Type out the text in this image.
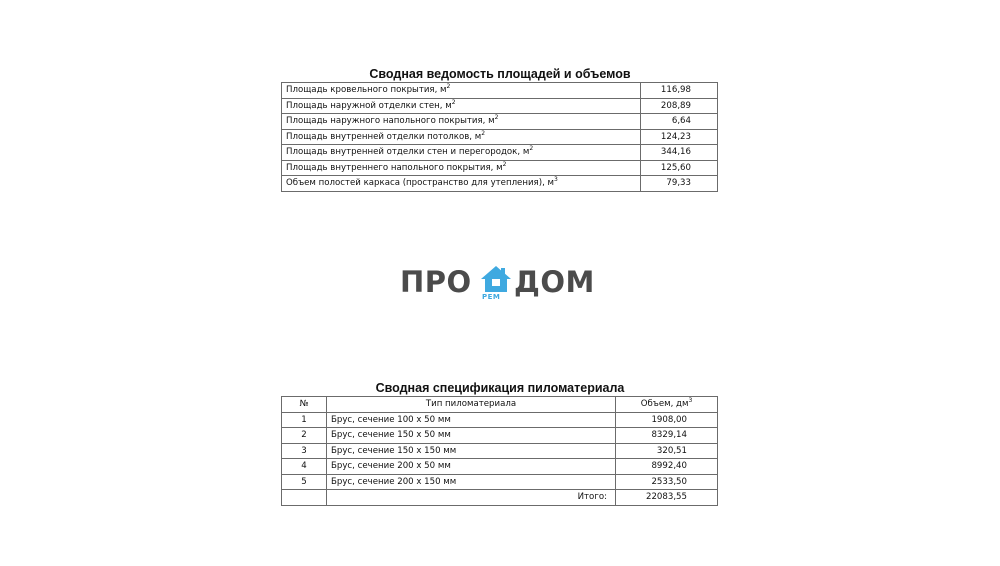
Сводная ведомость площадей и объемов
Площадь кровельного покрытия, $м^2$	116,98
Площадь наружной отделки стен, $м^2$	208,89
Площадь наружного напольного покрытия, $м^2$	6,64
Площадь внутренней отделки потолков, $м^2$	124,23
Площадь внутренней отделки стен и перегородок, $м^2$	344,16
Площадь внутреннего напольного покрытия, $м^2$	125,60
Объем полостей каркаса (пространство для утепления), $м^3$	79,33
ПРО РЕМ ДОМ
Сводная спецификация пиломатериала
№	Тип пиломатериала	Объем, $дм^3$
1	Брус, сечение 100 х 50 мм	1908,00
2	Брус, сечение 150 х 50 мм	8329,14
3	Брус, сечение 150 х 150 мм	320,51
4	Брус, сечение 200 х 50 мм	8992,40
5	Брус, сечение 200 х 150 мм	2533,50
	Итого:	22083,55
